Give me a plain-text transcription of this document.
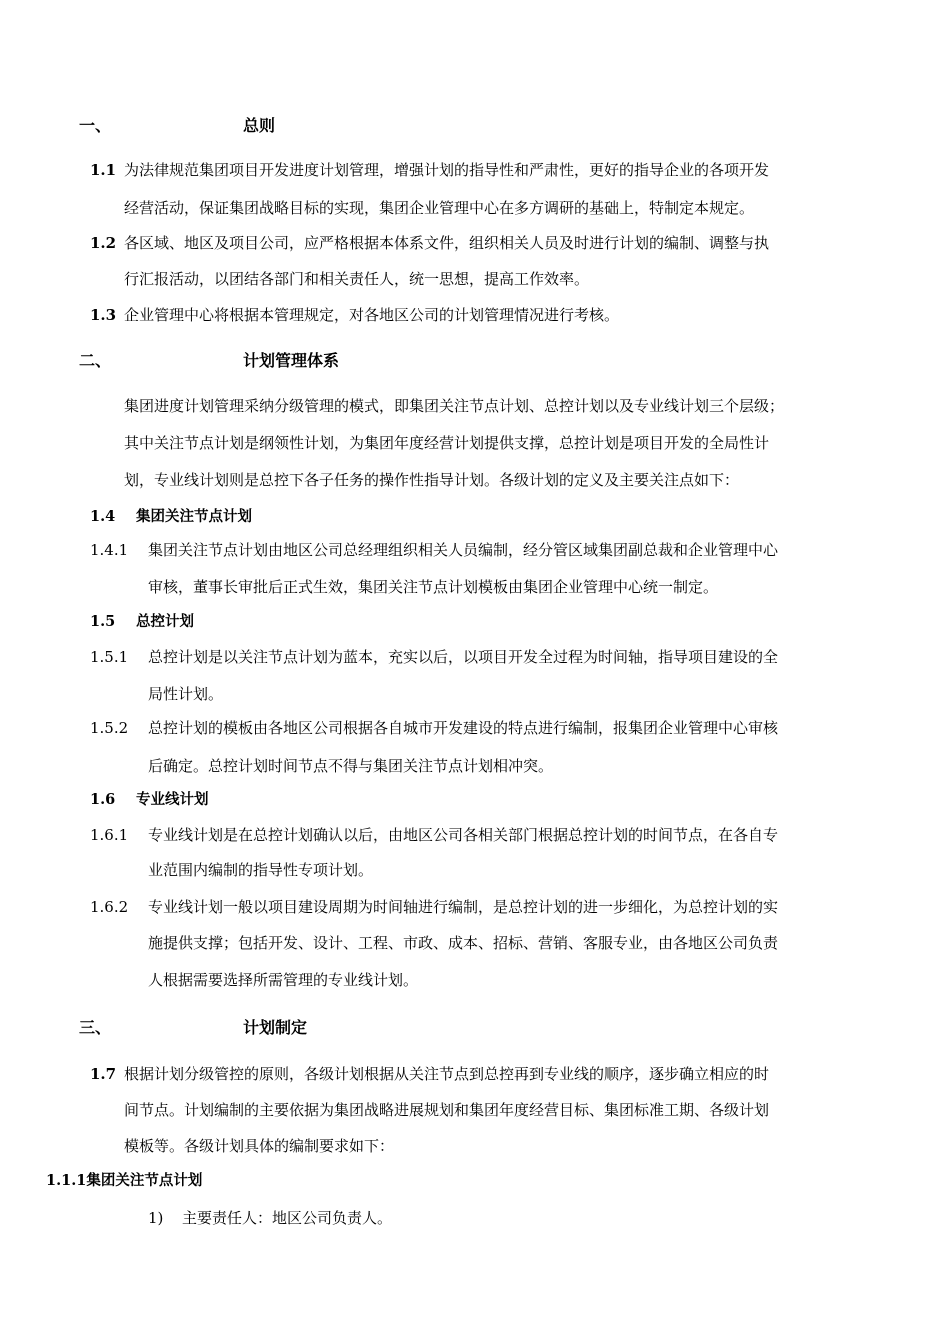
一、	总则
1.1 为法律规范集团项目开发进度计划管理，增强计划的指导性和严肃性，更好的指导企业的各项开发
经营活动，保证集团战略目标的实现，集团企业管理中心在多方调研的基础上，特制定本规定。
1.2 各区域、地区及项目公司，应严格根据本体系文件，组织相关人员及时进行计划的编制、调整与执
行汇报活动，以团结各部门和相关责任人，统一思想，提高工作效率。
1.3 企业管理中心将根据本管理规定，对各地区公司的计划管理情况进行考核。
二、	计划管理体系
集团进度计划管理采纳分级管理的模式，即集团关注节点计划、总控计划以及专业线计划三个层级；
其中关注节点计划是纲领性计划，为集团年度经营计划提供支撑，总控计划是项目开发的全局性计
划，专业线计划则是总控下各子任务的操作性指导计划。各级计划的定义及主要关注点如下：
1.4 集团关注节点计划
1.4.1 集团关注节点计划由地区公司总经理组织相关人员编制，经分管区域集团副总裁和企业管理中心
审核，董事长审批后正式生效，集团关注节点计划模板由集团企业管理中心统一制定。
1.5 总控计划
1.5.1 总控计划是以关注节点计划为蓝本，充实以后，以项目开发全过程为时间轴，指导项目建设的全
局性计划。
1.5.2 总控计划的模板由各地区公司根据各自城市开发建设的特点进行编制，报集团企业管理中心审核
后确定。总控计划时间节点不得与集团关注节点计划相冲突。
1.6 专业线计划
1.6.1 专业线计划是在总控计划确认以后，由地区公司各相关部门根据总控计划的时间节点，在各自专
业范围内编制的指导性专项计划。
1.6.2 专业线计划一般以项目建设周期为时间轴进行编制，是总控计划的进一步细化，为总控计划的实
施提供支撑；包括开发、设计、工程、市政、成本、招标、营销、客服专业，由各地区公司负责
人根据需要选择所需管理的专业线计划。
三、	计划制定
1.7 根据计划分级管控的原则，各级计划根据从关注节点到总控再到专业线的顺序，逐步确立相应的时
间节点。计划编制的主要依据为集团战略进展规划和集团年度经营目标、集团标准工期、各级计划
模板等。各级计划具体的编制要求如下：
1.1.1集团关注节点计划
1) 主要责任人：地区公司负责人。
